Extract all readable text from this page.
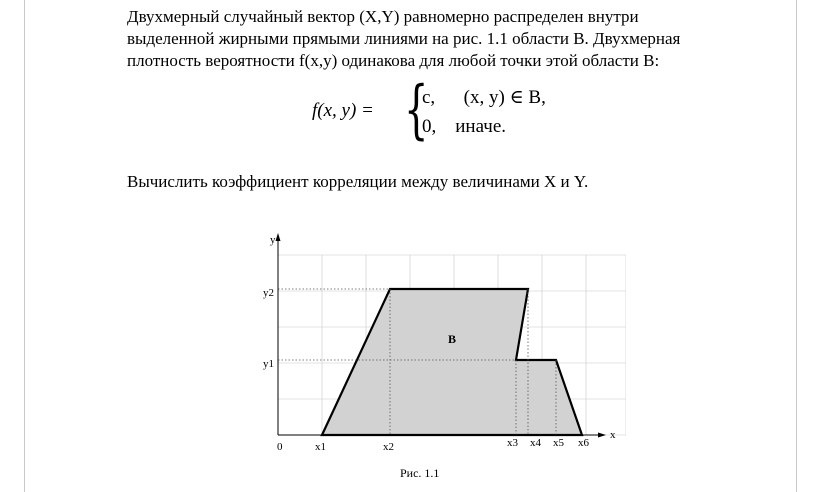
Двухмерный случайный вектор (X,Y) равномерно распределен внутри

выделенной жирными прямыми линиями на рис. 1.1 области B. Двухмерная

плотность вероятности f(x,y) одинакова для любой точки этой области B:

f(x, y) = {
c,      (x, y) ∈ B,
0,    иначе.
Вычислить коэффициент корреляции между величинами X и Y.
y
x
0
y2
y1
x1	x2	x3 x4 x5 x6
B
Рис. 1.1
